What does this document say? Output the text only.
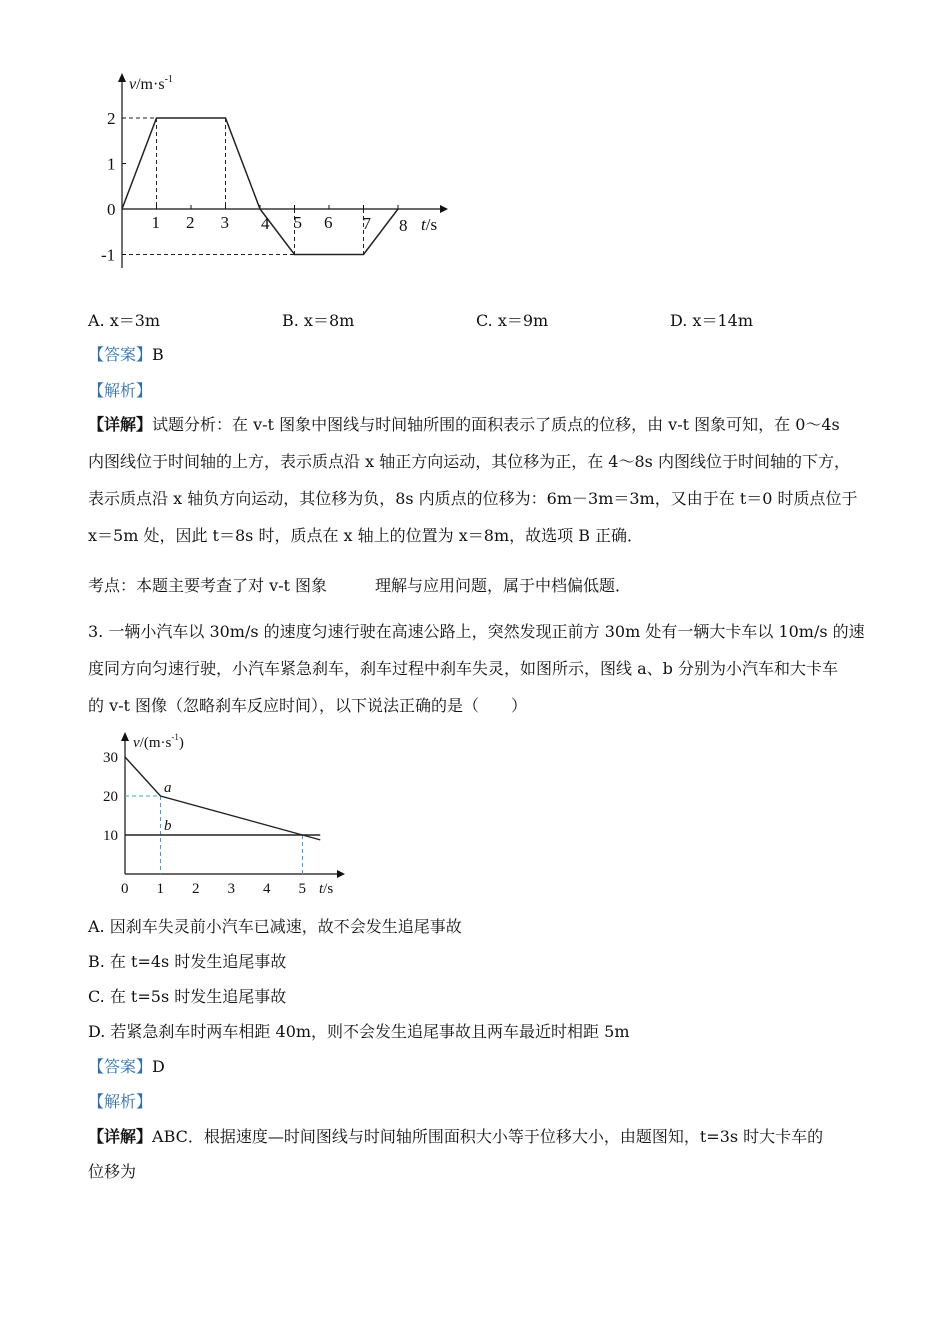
1 2 3 4 5 6 7 8
2
1
0
-1
$v/m\cdot s^{-1}$
t/s
A. x＝3m	B. x＝8m	C. x＝9m	D. x＝14m
【答案】B
【解析】
【详解】试题分析：在 v-t 图象中图线与时间轴所围的面积表示了质点的位移，由 v-t 图象可知，在 0～4s
内图线位于时间轴的上方，表示质点沿 x 轴正方向运动，其位移为正，在 4～8s 内图线位于时间轴的下方，
表示质点沿 x 轴负方向运动，其位移为负，8s 内质点的位移为：6m－3m＝3m，又由于在 t＝0 时质点位于
x＝5m 处，因此 t＝8s 时，质点在 x 轴上的位置为 x＝8m，故选项 B 正确．
考点：本题主要考查了对 v-t 图象	理解与应用问题，属于中档偏低题．
3. 一辆小汽车以 30m/s 的速度匀速行驶在高速公路上，突然发现正前方 30m 处有一辆大卡车以 10m/s 的速
度同方向匀速行驶，小汽车紧急刹车，刹车过程中刹车失灵，如图所示，图线 a、b 分别为小汽车和大卡车
的 v-t 图像（忽略刹车反应时间），以下说法正确的是（　　）
0 1 2 3 4 5
30
20
10
a
b
$v/(m\cdot s^{-1})$
t/s
A. 因刹车失灵前小汽车已减速，故不会发生追尾事故
B. 在 t=4s 时发生追尾事故
C. 在 t=5s 时发生追尾事故
D. 若紧急刹车时两车相距 40m，则不会发生追尾事故且两车最近时相距 5m
【答案】D
【解析】
【详解】ABC．根据速度—时间图线与时间轴所围面积大小等于位移大小，由题图知，t=3s 时大卡车的
位移为
